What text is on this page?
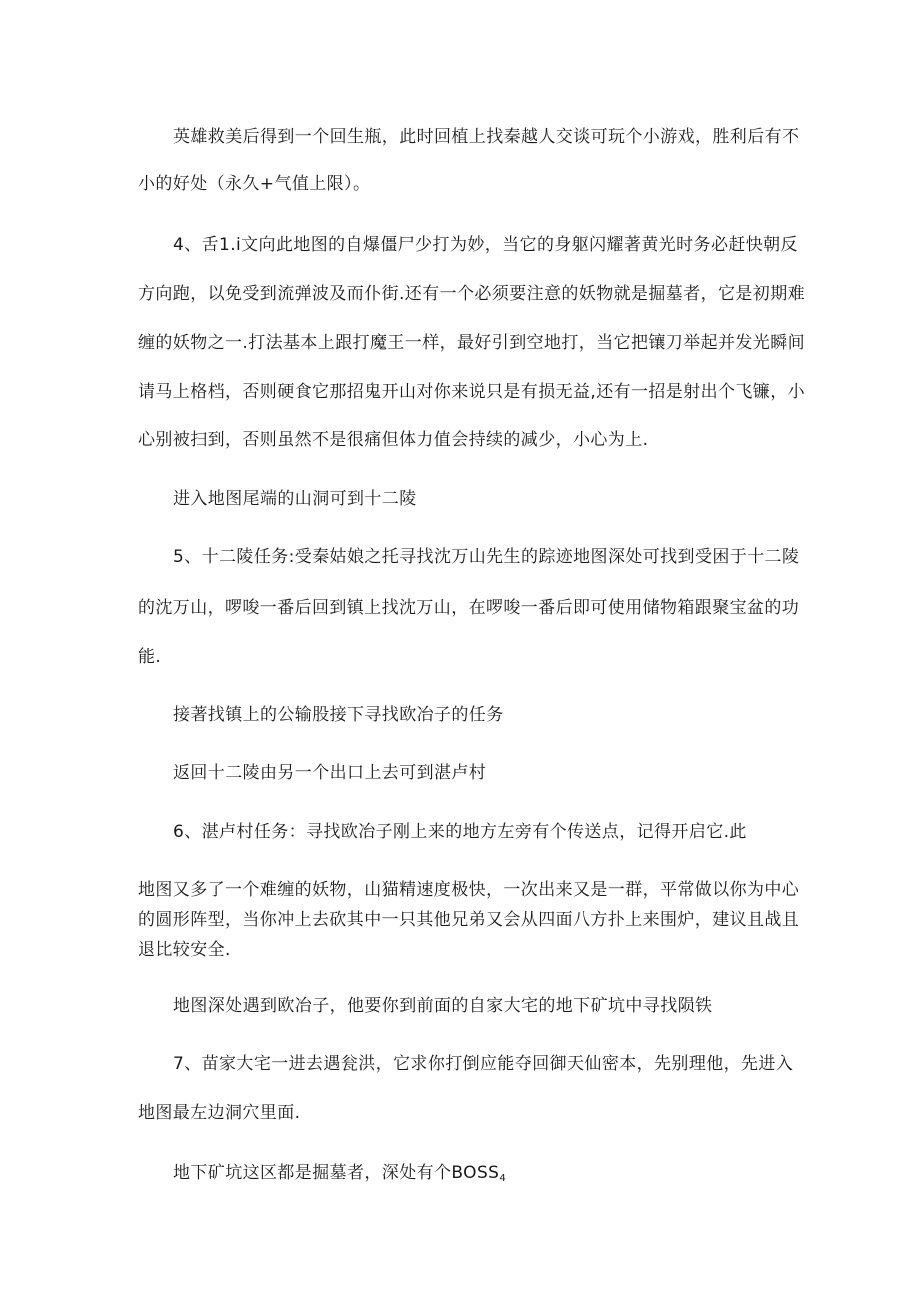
英雄救美后得到一个回生瓶，此时回植上找秦越人交谈可玩个小游戏，胜利后有不
小的好处（永久+气值上限）。
4、舌1.i文向此地图的自爆僵尸少打为妙，当它的身躯闪耀著黄光时务必赶快朝反
方向跑，以免受到流弹波及而仆街.还有一个必须要注意的妖物就是掘墓者，它是初期难
缠的妖物之一.打法基本上跟打魔王一样，最好引到空地打，当它把镶刀举起并发光瞬间
请马上格档，否则硬食它那招鬼开山对你来说只是有损无益,还有一招是射出个飞镰，小
心别被扫到，否则虽然不是很痛但体力值会持续的减少，小心为上.
进入地图尾端的山洞可到十二陵
5、十二陵任务:受秦姑娘之托寻找沈万山先生的踪迹地图深处可找到受困于十二陵
的沈万山，啰唆一番后回到镇上找沈万山，在啰唆一番后即可使用储物箱跟聚宝盆的功
能.
接著找镇上的公输股接下寻找欧冶子的任务
返回十二陵由另一个出口上去可到湛卢村
6、湛卢村任务：寻找欧冶子刚上来的地方左旁有个传送点，记得开启它.此
地图又多了一个难缠的妖物，山猫精速度极快，一次出来又是一群，平常做以你为中心
的圆形阵型，当你冲上去砍其中一只其他兄弟又会从四面八方扑上来围炉，建议且战且
退比较安全.
地图深处遇到欧冶子，他要你到前面的自家大宅的地下矿坑中寻找陨铁
7、苗家大宅一进去遇瓮洪，它求你打倒应能夺回御天仙密本，先别理他，先进入
地图最左边洞穴里面.
地下矿坑这区都是掘墓者，深处有个$BOSS_4$
